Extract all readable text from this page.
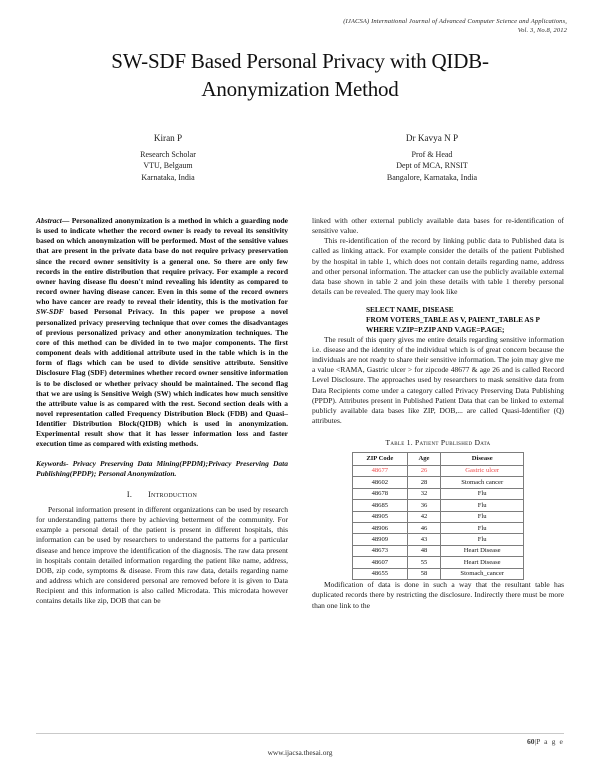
(IJACSA) International Journal of Advanced Computer Science and Applications,
Vol. 3, No.8, 2012
SW-SDF Based Personal Privacy with QIDB-Anonymization Method
Kiran P
Research Scholar
VTU, Belgaum
Karnataka, India
Dr Kavya N P
Prof & Head
Dept of MCA, RNSIT
Bangalore, Karnataka, India

Abstract— Personalized anonymization is a method in which a guarding node is used to indicate whether the record owner is ready to reveal its sensitivity based on which anonymization will be performed. Most of the sensitive values that are present in the private data base do not require privacy preservation since the record owner sensitivity is a general one. So there are only few records in the entire distribution that require privacy. For example a record owner having disease flu doesn't mind revealing his identity as compared to record owner having disease cancer. Even in this some of the record owners who have cancer are ready to reveal their identity, this is the motivation for SW-SDF based Personal Privacy. In this paper we propose a novel personalized privacy preserving technique that over comes the disadvantages of previous personalized privacy and other anonymization techniques. The core of this method can be divided in to two major components. The first component deals with additional attribute used in the table which is in the form of flags which can be used to divide sensitive attribute. Sensitive Disclosure Flag (SDF) determines whether record owner sensitive information is to be disclosed or whether privacy should be maintained. The second flag that we are using is Sensitive Weigh (SW) which indicates how much sensitive the attribute value is as compared with the rest. Second section deals with a novel representation called Frequency Distribution Block (FDB) and Quasi–Identifier Distribution Block(QIDB) which is used in anonymization. Experimental result show that it has lesser information loss and faster execution time as compared with existing methods.

Keywords- Privacy Preserving Data Mining(PPDM);Privacy Preserving Data Publishing(PPDP); Personal Anonymization.

I. Introduction

Personal information present in different organizations can be used by research for understanding patterns there by achieving betterment of the community. For example a personal detail of the patient is present in different hospitals, this information can be used by researchers to understand the patterns for a particular disease and hence improve the identification of the diagnosis. The raw data present in hospitals contain detailed information regarding the patient like name, address, DOB, zip code, symptoms & disease. From this raw data, details regarding name and address which are considered personal are removed before it is given to Data Recipient and this information is also called Microdata. This microdata however contains details like zip, DOB that can be

linked with other external publicly available data bases for re-identification of sensitive value.

This re-identification of the record by linking public data to Published data is called as linking attack. For example consider the details of the patient Published by the hospital in table 1, which does not contain details regarding name, address and other personal information. The attacker can use the publicly available external data base shown in table 2 and join these details with table 1 thereby personal details can be revealed. The query may look like

SELECT NAME, DISEASE
FROM VOTERS_TABLE AS V, PAIENT_TABLE AS P
WHERE V.ZIP=P.ZIP AND V.AGE=P.AGE;

The result of this query gives me entire details regarding sensitive information i.e. disease and the identity of the individual which is of great concern because the individuals are not ready to share their sensitive information. The join may give me a value <RAMA, Gastric ulcer > for zipcode 48677 & age 26 and is called Record Level Disclosure. The approaches used by researchers to mask sensitive data from Data Recipients come under a category called Privacy Preserving Data Publishing (PPDP). Attributes present in Published Patient Data that can be linked to external publicly available data bases like ZIP, DOB,... are called Quasi-Identifier (Q) attributes.

Table 1. Patient Published Data
ZIP Code	Age	Disease
48677	26	Gastric ulcer
48602	28	Stomach cancer
48678	32	Flu
48685	36	Flu
48905	42	Flu
48906	46	Flu
48909	43	Flu
48673	48	Heart Disease
48607	55	Heart Disease
48655	58	Stomach_cancer

Modification of data is done in such a way that the resultant table has duplicated records there by restricting the disclosure. Indirectly there must be more than one link to the

60|P a g e
www.ijacsa.thesai.org
